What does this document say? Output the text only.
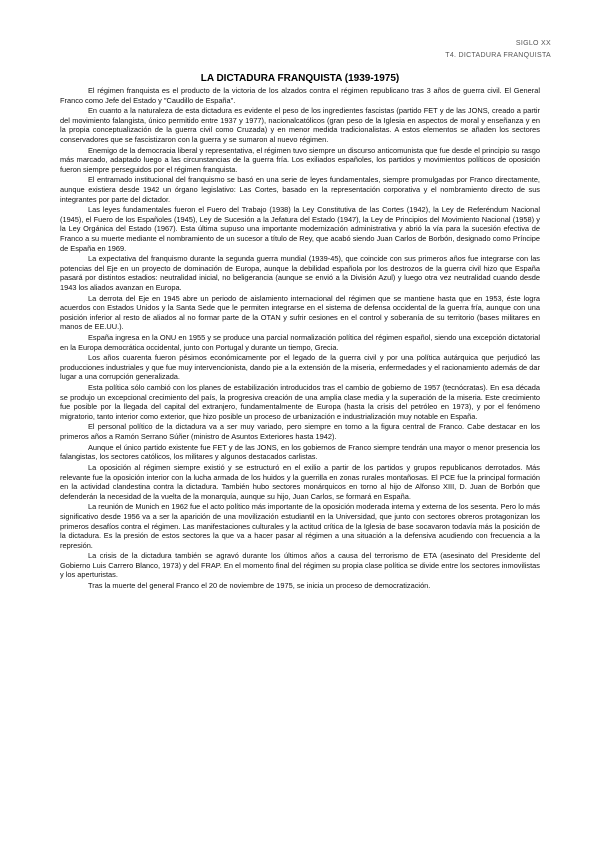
SIGLO XX
T4. DICTADURA FRANQUISTA
LA DICTADURA FRANQUISTA (1939-1975)

El régimen franquista es el producto de la victoria de los alzados contra el régimen republicano tras 3 años de guerra civil. El General Franco como Jefe del Estado y "Caudillo de España".

En cuanto a la naturaleza de esta dictadura es evidente el peso de los ingredientes fascistas (partido FET y de las JONS, creado a partir del movimiento falangista, único permitido entre 1937 y 1977), nacionalcatólicos (gran peso de la Iglesia en aspectos de moral y enseñanza y en la propia conceptualización de la guerra civil como Cruzada) y en menor medida tradicionalistas. A estos elementos se añaden los sectores conservadores que se fascistizaron con la guerra y se sumaron al nuevo régimen.

Enemigo de la democracia liberal y representativa, el régimen tuvo siempre un discurso anticomunista que fue desde el principio su rasgo más marcado, adaptado luego a las circunstancias de la guerra fría. Los exiliados españoles, los partidos y movimientos políticos de oposición fueron siempre perseguidos por el régimen franquista.

El entramado institucional del franquismo se basó en una serie de leyes fundamentales, siempre promulgadas por Franco directamente, aunque existiera desde 1942 un órgano legislativo: Las Cortes, basado en la representación corporativa y el nombramiento directo de sus integrantes por parte del dictador.

Las leyes fundamentales fueron el Fuero del Trabajo (1938) la Ley Constitutiva de las Cortes (1942), la Ley de Referéndum Nacional (1945), el Fuero de los Españoles (1945), Ley de Sucesión a la Jefatura del Estado (1947), la Ley de Principios del Movimiento Nacional (1958) y la Ley Orgánica del Estado (1967). Esta última supuso una importante modernización administrativa y abrió la vía para la sucesión efectiva de Franco a su muerte mediante el nombramiento de un sucesor a título de Rey, que acabó siendo Juan Carlos de Borbón, designado como Príncipe de España en 1969.

La expectativa del franquismo durante la segunda guerra mundial (1939-45), que coincide con sus primeros años fue integrarse con las potencias del Eje en un proyecto de dominación de Europa, aunque la debilidad española por los destrozos de la guerra civil hizo que España pasará por distintos estadios: neutralidad inicial, no beligerancia (aunque se envió a la División Azul) y luego otra vez neutralidad cuando desde 1943 los aliados avanzan en Europa.

La derrota del Eje en 1945 abre un periodo de aislamiento internacional del régimen que se mantiene hasta que en 1953, éste logra acuerdos con Estados Unidos y la Santa Sede que le permiten integrarse en el sistema de defensa occidental de la guerra fría, aunque con una posición inferior al resto de aliados al no formar parte de la OTAN y sufrir cesiones en el control y soberanía de su territorio (bases militares en manos de EE.UU.).

España ingresa en la ONU en 1955 y se produce una parcial normalización política del régimen español, siendo una excepción dictatorial en la Europa democrática occidental, junto con Portugal y durante un tiempo, Grecia.

Los años cuarenta fueron pésimos económicamente por el legado de la guerra civil y por una política autárquica que perjudicó las producciones industriales y que fue muy intervencionista, dando pie a la extensión de la miseria, enfermedades y el racionamiento además de dar lugar a una corrupción generalizada.

Esta política sólo cambió con los planes de estabilización introducidos tras el cambio de gobierno de 1957 (tecnócratas). En esa década se produjo un excepcional crecimiento del país, la progresiva creación de una amplia clase media y la superación de la miseria. Este crecimiento fue posible por la llegada del capital del extranjero, fundamentalmente de Europa (hasta la crisis del petróleo en 1973), y por el fenómeno migratorio, tanto interior como exterior, que hizo posible un proceso de urbanización e industrialización muy notable en España.

El personal político de la dictadura va a ser muy variado, pero siempre en torno a la figura central de Franco. Cabe destacar en los primeros años a Ramón Serrano Súñer (ministro de Asuntos Exteriores hasta 1942).

Aunque el único partido existente fue FET y de las JONS, en los gobiernos de Franco siempre tendrán una mayor o menor presencia los falangistas, los sectores católicos, los militares y algunos destacados carlistas.

La oposición al régimen siempre existió y se estructuró en el exilio a partir de los partidos y grupos republicanos derrotados. Más relevante fue la oposición interior con la lucha armada de los huidos y la guerrilla en zonas rurales montañosas. El PCE fue la principal formación en la actividad clandestina contra la dictadura. También hubo sectores monárquicos en torno al hijo de Alfonso XIII, D. Juan de Borbón que defenderán la necesidad de la vuelta de la monarquía, aunque su hijo, Juan Carlos, se formará en España.

La reunión de Munich en 1962 fue el acto político más importante de la oposición moderada interna y externa de los sesenta. Pero lo más significativo desde 1956 va a ser la aparición de una movilización estudiantil en la Universidad, que junto con sectores obreros protagonizan los primeros desafíos contra el régimen. Las manifestaciones culturales y la actitud crítica de la Iglesia de base socavaron todavía más la posición de la dictadura. Es la presión de estos sectores la que va a hacer pasar al régimen a una situación a la defensiva acudiendo con frecuencia a la represión.

La crisis de la dictadura también se agravó durante los últimos años a causa del terrorismo de ETA (asesinato del Presidente del Gobierno Luis Carrero Blanco, 1973) y del FRAP. En el momento final del régimen su propia clase política se divide entre los sectores inmovilistas y los aperturistas.

Tras la muerte del general Franco el 20 de noviembre de 1975, se inicia un proceso de democratización.
